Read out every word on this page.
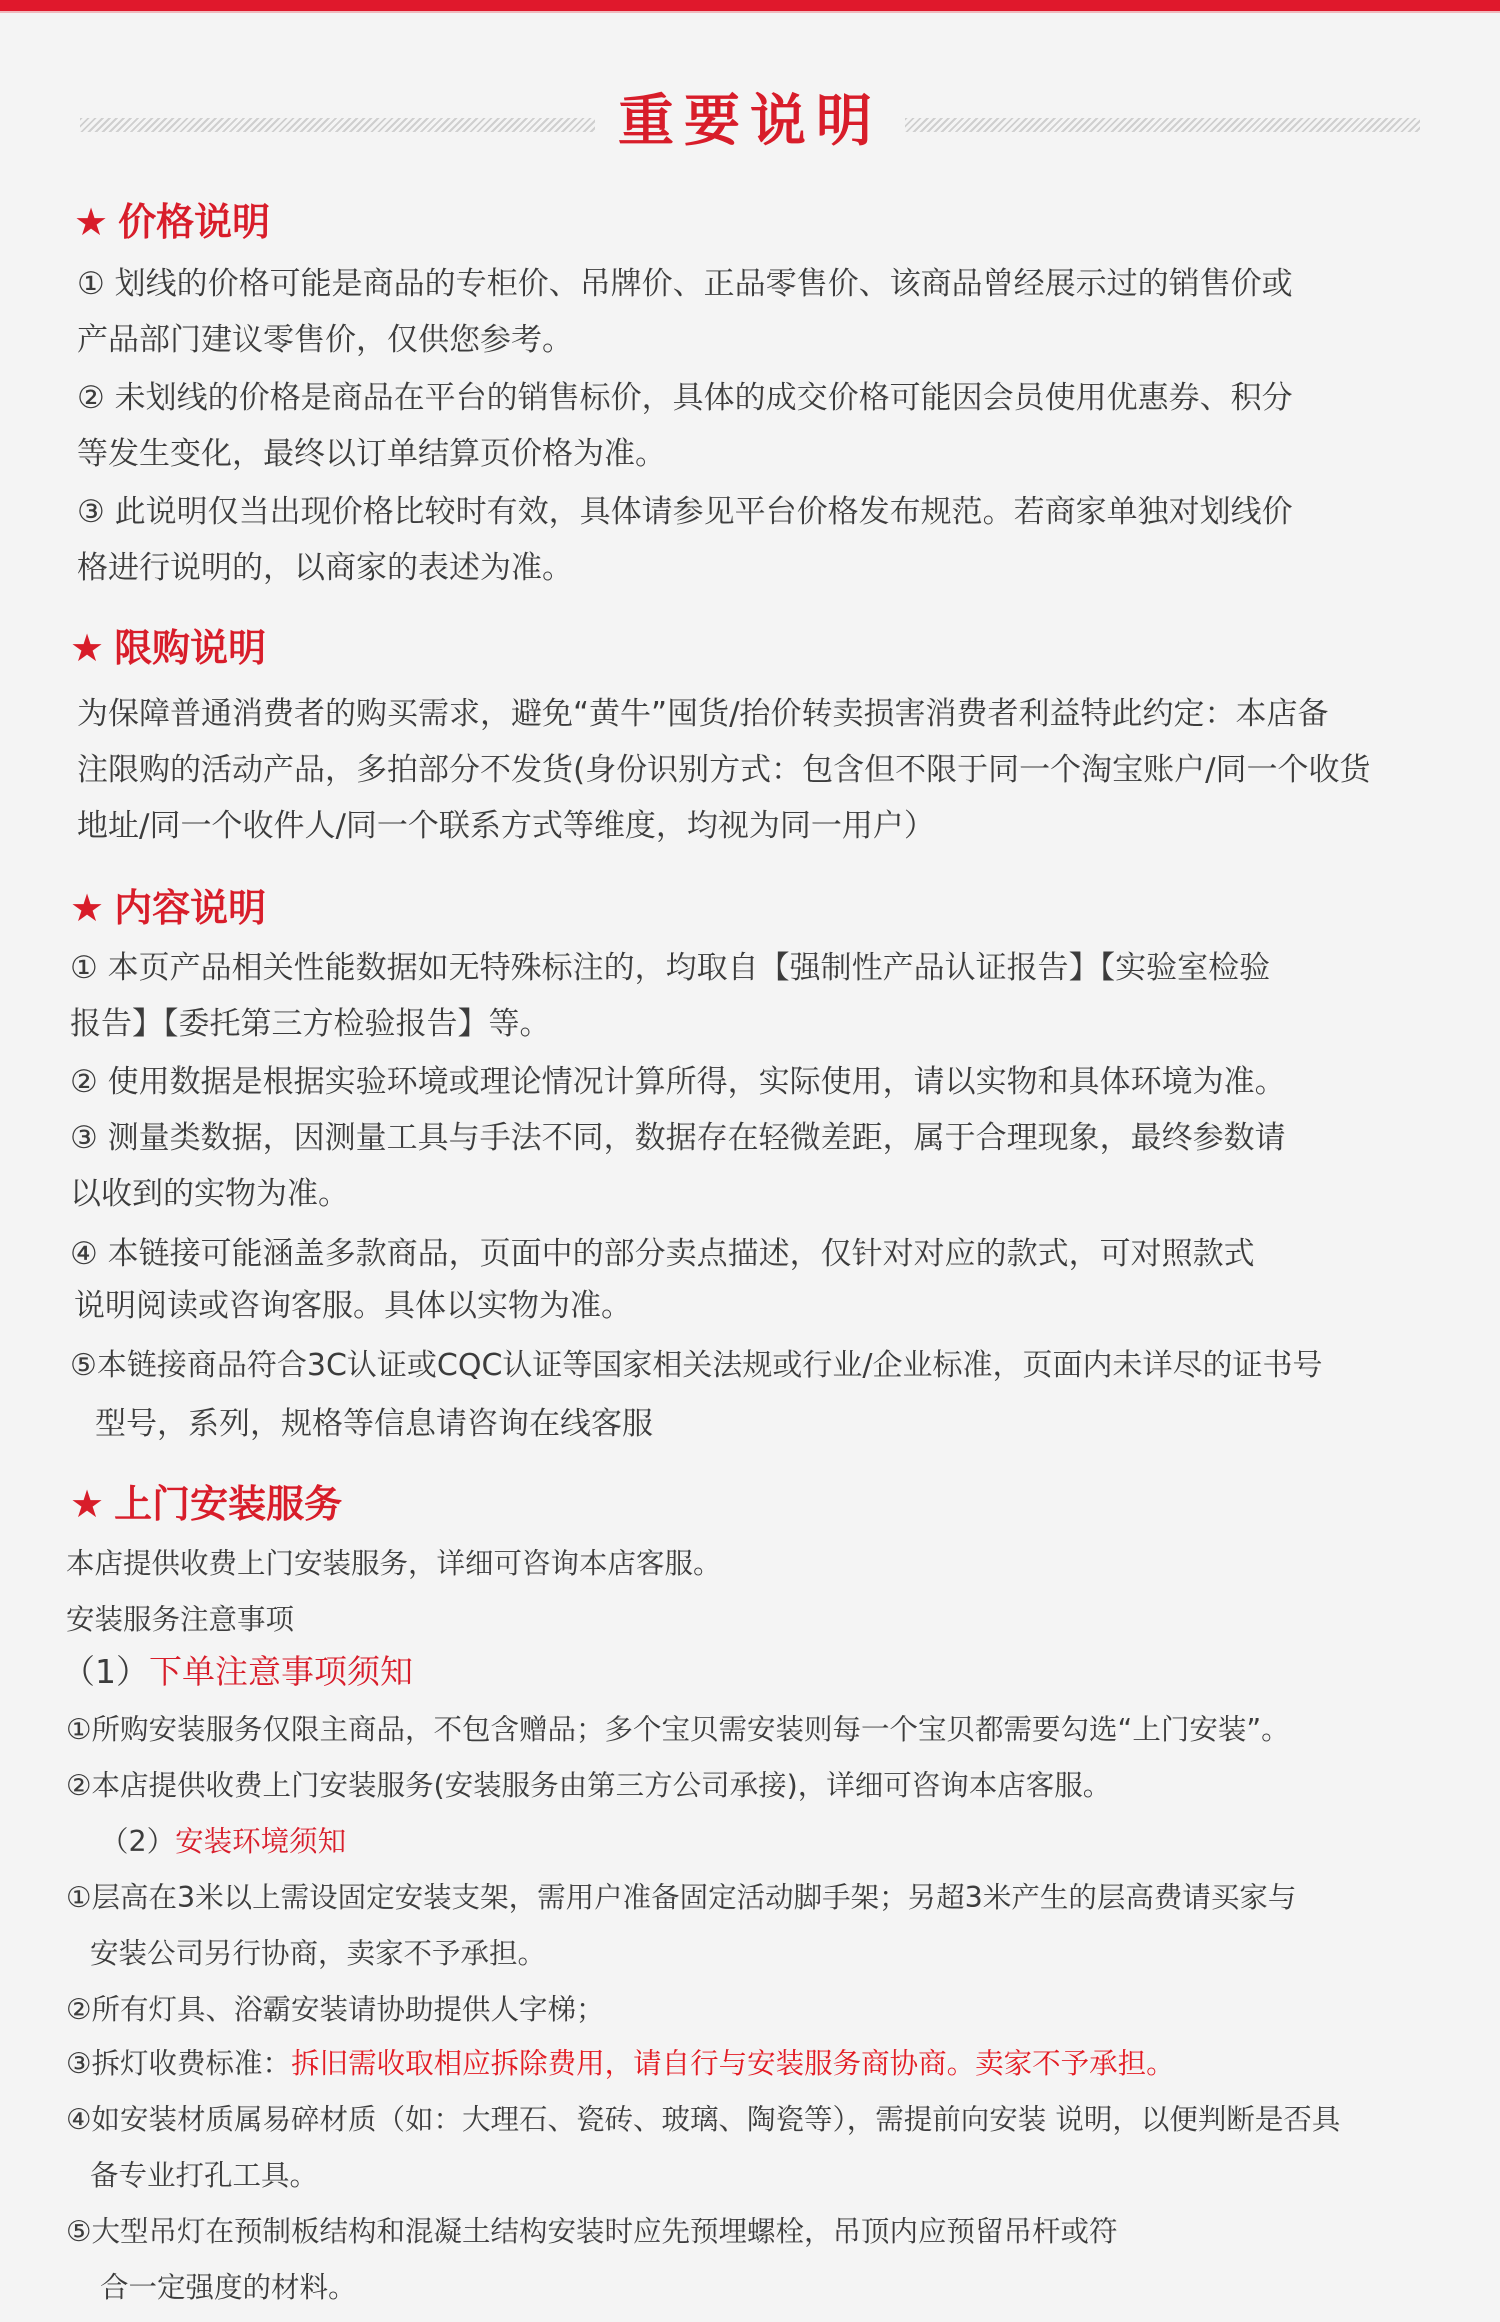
重要说明
★ 价格说明
① 划线的价格可能是商品的专柜价、吊牌价、正品零售价、该商品曾经展示过的销售价或
产品部门建议零售价，仅供您参考。
② 未划线的价格是商品在平台的销售标价，具体的成交价格可能因会员使用优惠券、积分
等发生变化，最终以订单结算页价格为准。
③ 此说明仅当出现价格比较时有效，具体请参见平台价格发布规范。若商家单独对划线价
格进行说明的，以商家的表述为准。
★ 限购说明
为保障普通消费者的购买需求，避免“黄牛”囤货/抬价转卖损害消费者利益特此约定：本店备
注限购的活动产品，多拍部分不发货(身份识别方式：包含但不限于同一个淘宝账户/同一个收货
地址/同一个收件人/同一个联系方式等维度，均视为同一用户）
★ 内容说明
① 本页产品相关性能数据如无特殊标注的，均取自【强制性产品认证报告】【实验室检验
报告】【委托第三方检验报告】等。
② 使用数据是根据实验环境或理论情况计算所得，实际使用，请以实物和具体环境为准。
③ 测量类数据，因测量工具与手法不同，数据存在轻微差距，属于合理现象，最终参数请
以收到的实物为准。
④ 本链接可能涵盖多款商品，页面中的部分卖点描述，仅针对对应的款式，可对照款式
说明阅读或咨询客服。具体以实物为准。
⑤本链接商品符合3C认证或CQC认证等国家相关法规或行业/企业标准，页面内未详尽的证书号
型号，系列，规格等信息请咨询在线客服
★ 上门安装服务
本店提供收费上门安装服务，详细可咨询本店客服。
安装服务注意事项
（1）下单注意事项须知
①所购安装服务仅限主商品，不包含赠品；多个宝贝需安装则每一个宝贝都需要勾选“上门安装”。
②本店提供收费上门安装服务(安装服务由第三方公司承接)，详细可咨询本店客服。
（2）安装环境须知
①层高在3米以上需设固定安装支架，需用户准备固定活动脚手架；另超3米产生的层高费请买家与
安装公司另行协商，卖家不予承担。
②所有灯具、浴霸安装请协助提供人字梯；
③拆灯收费标准：拆旧需收取相应拆除费用，请自行与安装服务商协商。卖家不予承担。
④如安装材质属易碎材质（如：大理石、瓷砖、玻璃、陶瓷等），需提前向安装 说明，以便判断是否具
备专业打孔工具。
⑤大型吊灯在预制板结构和混凝土结构安装时应先预埋螺栓，吊顶内应预留吊杆或符
合一定强度的材料。
